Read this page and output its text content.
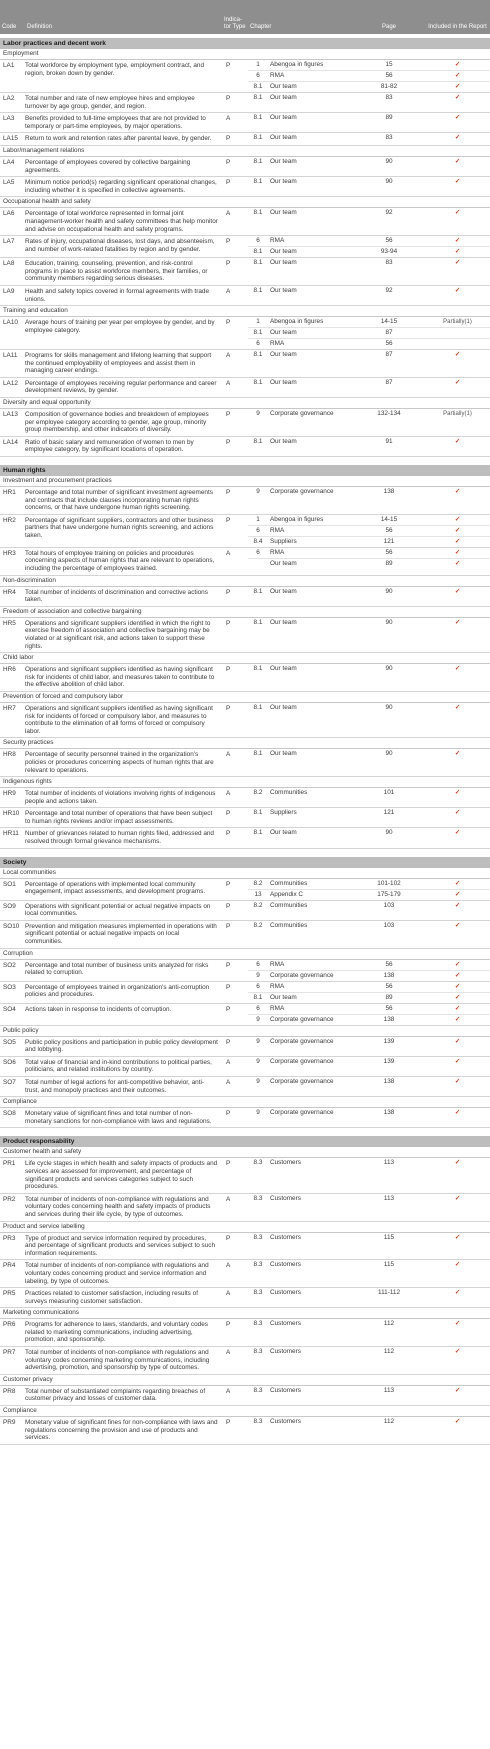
Code	Definition
Indica-tor Type Chapter	Page	Included in the Report
Labor practices and decent work
Employment
LA1	Total workforce by employment type, employment contract, and region, broken down by gender.
P	1	Abengoa in figures	15	✓
6	RMA	56	✓
8.1	Our team	81-82	✓
LA2	Total number and rate of new employee hires and employee turnover by age group, gender, and region.
P	8.1	Our team	83	✓
LA3	Benefits provided to full-time employees that are not provided to temporary or part-time employees, by major operations.
A	8.1	Our team	89	✓
LA15	Return to work and retention rates after parental leave, by gender.	P	8.1	Our team	83	✓
Labor/management relations
LA4	Percentage of employees covered by collective bargaining agreements.
P	8.1	Our team	90	✓
LA5	Minimum notice period(s) regarding significant operational changes, including whether it is specified in collective agreements.
P	8.1	Our team	90	✓
Occupational health and safety
LA6	Percentage of total workforce represented in formal joint management-worker health and safety committees that help monitor and advise on occupational health and safety programs.
A	8.1	Our team	92	✓
LA7	Rates of injury, occupational diseases, lost days, and absenteeism, and number of work-related fatalities by region and by gender.
P	6	RMA	56	✓
8.1	Our team	93-94	✓
LA8	Education, training, counseling, prevention, and risk-control programs in place to assist workforce members, their families, or community members regarding serious diseases.
P	8.1	Our team	83	✓
LA9	Health and safety topics covered in formal agreements with trade unions.
A	8.1	Our team	92	✓
Training and education
LA10	Average hours of training per year per employee by gender, and by employee category.
P	1	Abengoa in figures	14-15	Partially(1)
8.1	Our team	87
6	RMA	56
LA11	Programs for skills management and lifelong learning that support the continued employability of employees and assist them in managing career endings.
A	8.1	Our team	87	✓
LA12	Percentage of employees receiving regular performance and career development reviews, by gender.
A	8.1	Our team	87	✓
Diversity and equal opportunity
LA13	Composition of governance bodies and breakdown of employees per employee category according to gender, age group, minority group membership, and other indicators of diversity.
P	9	Corporate governance	132-134	Partially(1)
LA14	Ratio of basic salary and remuneration of women to men by employee category, by significant locations of operation.
P	8.1	Our team	91	✓
Human rights
Investment and procurement practices
HR1	Percentage and total number of significant investment agreements and contracts that include clauses incorporating human rights concerns, or that have undergone human rights screening.
P	9	Corporate governance	138	✓
HR2	Percentage of significant suppliers, contractors and other business partners that have undergone human rights screening, and actions taken.
P	1	Abengoa in figures	14-15	✓
6	RMA	56	✓
8.4	Suppliers	121	✓
HR3	Total hours of employee training on policies and procedures concerning aspects of human rights that are relevant to operations, including the percentage of employees trained.
A	6	RMA	56	✓
Our team	89	✓
Non-discrimination
HR4	Total number of incidents of discrimination and corrective actions taken.
P	8.1	Our team	90	✓
Freedom of association and collective bargaining
HR5	Operations and significant suppliers identified in which the right to exercise freedom of association and collective bargaining may be violated or at significant risk, and actions taken to support these rights.
P	8.1	Our team	90	✓
Child labor
HR6	Operations and significant suppliers identified as having significant risk for incidents of child labor, and measures taken to contribute to the effective abolition of child labor.
P	8.1	Our team	90	✓
Prevention of forced and compulsory labor
HR7	Operations and significant suppliers identified as having significant risk for incidents of forced or compulsory labor, and measures to contribute to the elimination of all forms of forced or compulsory labor.
P	8.1	Our team	90	✓
Security practices
HR8	Percentage of security personnel trained in the organization's policies or procedures concerning aspects of human rights that are relevant to operations.
A	8.1	Our team	90	✓
Indigenous rights
HR9	Total number of incidents of violations involving rights of indigenous people and actions taken.
A	8.2	Communities	101	✓
HR10 Percentage and total number of operations that have been subject to human rights reviews and/or impact assessments.
P	8.1	Suppliers	121	✓
HR11 Number of grievances related to human rights filed, addressed and resolved through formal grievance mechanisms.
P	8.1	Our team	90	✓
Society
Local communities
SO1	Percentage of operations with implemented local community engagement, impact assessments, and development programs.
P	8.2	Communities	101-102	✓
13	Appendix C	175-179	✓
SO9	Operations with significant potential or actual negative impacts on local communities.
P	8.2	Communities	103	✓
SO10 Prevention and mitigation measures implemented in operations with significant potential or actual negative impacts on local communities.
P	8.2	Communities	103	✓
Corruption
SO2	Percentage and total number of business units analyzed for risks related to corruption.
P	6	RMA	56	✓
9	Corporate governance	138	✓
SO3	Percentage of employees trained in organization's anti-corruption policies and procedures.
P	6	RMA	56	✓
8.1	Our team	89	✓
SO4	Actions taken in response to incidents of corruption.	P	6	RMA	56	✓
9	Corporate governance	138	✓
Public policy
SO5	Public policy positions and participation in public policy development and lobbying.
P	9	Corporate governance	139	✓
SO6	Total value of financial and in-kind contributions to political parties, politicians, and related institutions by country.
A	9	Corporate governance	139	✓
SO7	Total number of legal actions for anti-competitive behavior, anti-trust, and monopoly practices and their outcomes.
A	9	Corporate governance	138	✓
Compliance
SO8	Monetary value of significant fines and total number of non-monetary sanctions for non-compliance with laws and regulations.
P	9	Corporate governance	138	✓
Product responsability
Customer health and safety
PR1	Life cycle stages in which health and safety impacts of products and services are assessed for improvement, and percentage of significant products and services categories subject to such procedures.
P	8.3	Customers	113	✓
PR2	Total number of incidents of non-compliance with regulations and voluntary codes concerning health and safety impacts of products and services during their life cycle, by type of outcomes.
A	8.3	Customers	113	✓
Product and service labelling
PR3	Type of product and service information required by procedures, and percentage of significant products and services subject to such information requirements.
P	8.3	Customers	115	✓
PR4	Total number of incidents of non-compliance with regulations and voluntary codes concerning product and service information and labeling, by type of outcomes.
A	8.3	Customers	115	✓
PR5	Practices related to customer satisfaction, including results of surveys measuring customer satisfaction.
A	8.3	Customers	111-112	✓
Marketing communications
PR6	Programs for adherence to laws, standards, and voluntary codes related to marketing communications, including advertising, promotion, and sponsorship.
P	8.3	Customers	112	✓
PR7	Total number of incidents of non-compliance with regulations and voluntary codes concerning marketing communications, including advertising, promotion, and sponsorship by type of outcomes.
A	8.3	Customers	112	✓
Customer privacy
PR8	Total number of substantiated complaints regarding breaches of customer privacy and losses of customer data.
A	8.3	Customers	113	✓
Compliance
PR9	Monetary value of significant fines for non-compliance with laws and regulations concerning the provision and use of products and services.
P	8.3	Customers	112	✓
